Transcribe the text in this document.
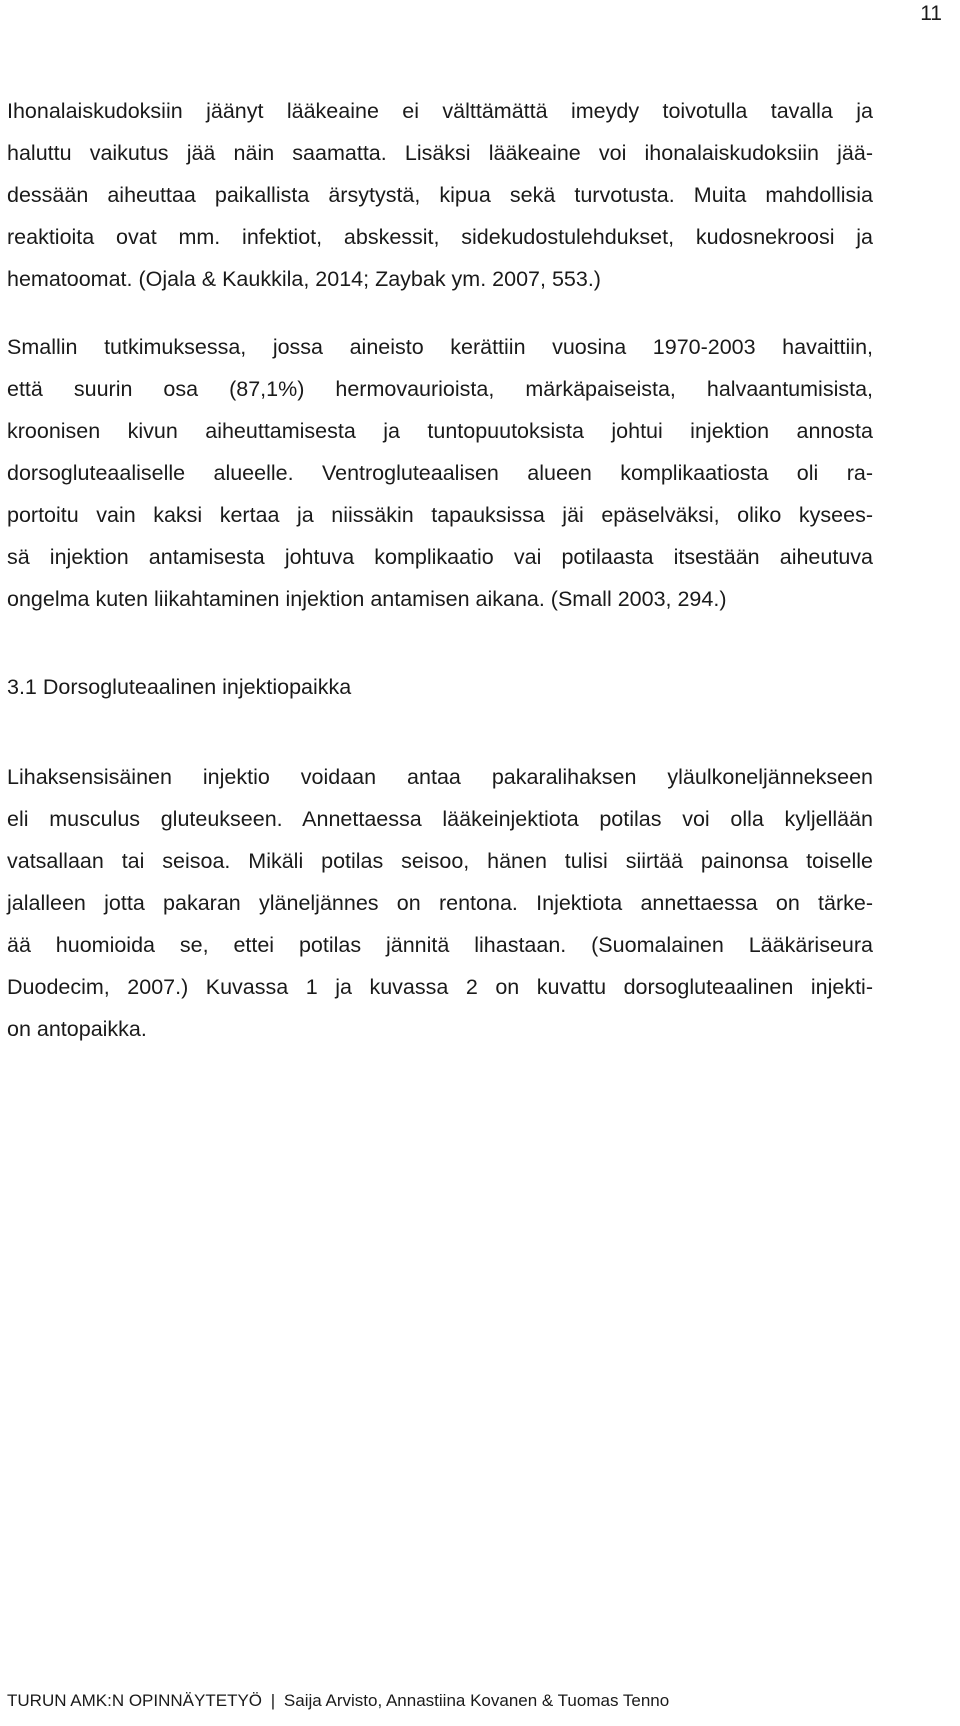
11
Ihonalaiskudoksiin jäänyt lääkeaine ei välttämättä imeydy toivotulla tavalla ja
haluttu vaikutus jää näin saamatta. Lisäksi lääkeaine voi ihonalaiskudoksiin jää-
dessään aiheuttaa paikallista ärsytystä, kipua sekä turvotusta. Muita mahdollisia
reaktioita ovat mm. infektiot, abskessit, sidekudostulehdukset, kudosnekroosi ja
hematoomat. (Ojala & Kaukkila, 2014; Zaybak ym. 2007, 553.)
Smallin tutkimuksessa, jossa aineisto kerättiin vuosina 1970-2003 havaittiin,
että suurin osa (87,1%) hermovaurioista, märkäpaiseista, halvaantumisista,
kroonisen kivun aiheuttamisesta ja tuntopuutoksista johtui injektion annosta
dorsogluteaaliselle alueelle. Ventrogluteaalisen alueen komplikaatiosta oli ra-
portoitu vain kaksi kertaa ja niissäkin tapauksissa jäi epäselväksi, oliko kysees-
sä injektion antamisesta johtuva komplikaatio vai potilaasta itsestään aiheutuva
ongelma kuten liikahtaminen injektion antamisen aikana. (Small 2003, 294.)
3.1 Dorsogluteaalinen injektiopaikka
Lihaksensisäinen injektio voidaan antaa pakaralihaksen yläulkoneljännekseen
eli musculus gluteukseen. Annettaessa lääkeinjektiota potilas voi olla kyljellään
vatsallaan tai seisoa. Mikäli potilas seisoo, hänen tulisi siirtää painonsa toiselle
jalalleen jotta pakaran yläneljännes on rentona. Injektiota annettaessa on tärke-
ää huomioida se, ettei potilas jännitä lihastaan. (Suomalainen Lääkäriseura
Duodecim, 2007.) Kuvassa 1 ja kuvassa 2 on kuvattu dorsogluteaalinen injekti-
on antopaikka.
TURUN AMK:N OPINNÄYTETYÖ | Saija Arvisto, Annastiina Kovanen & Tuomas Tenno
